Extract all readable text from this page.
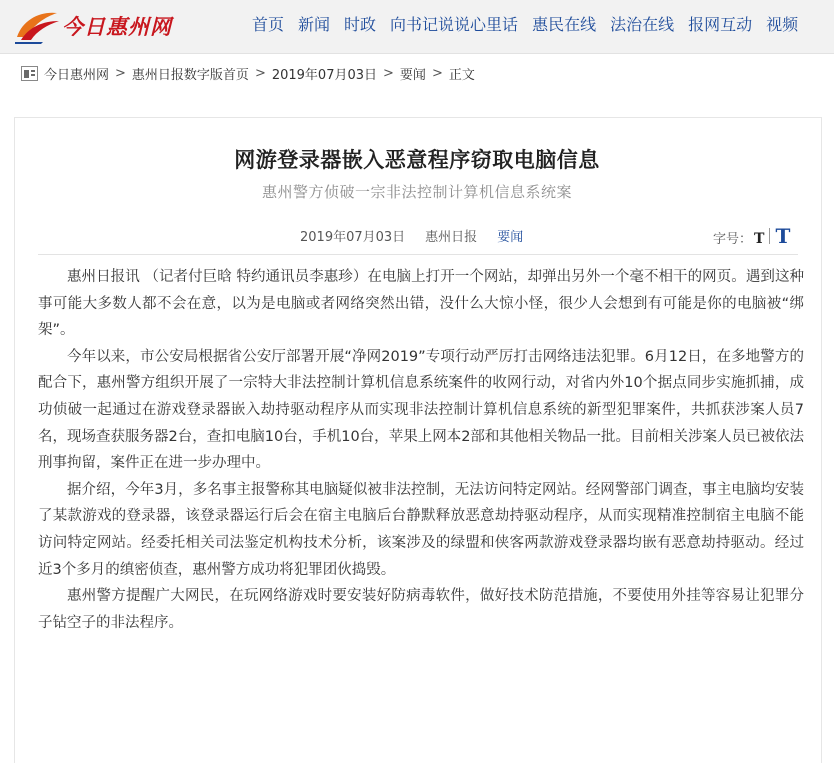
今日惠州网	首页 新闻 时政 向书记说说心里话 惠民在线 法治在线 报网互动 视频
今日惠州网 > 惠州日报数字版首页 > 2019年07月03日 > 要闻 > 正文
网游登录器嵌入恶意程序窃取电脑信息
惠州警方侦破一宗非法控制计算机信息系统案
2019年07月03日 惠州日报 要闻	字号： T T

惠州日报讯 （记者付巨晗 特约通讯员李惠珍）在电脑上打开一个网站，却弹出另外一个毫不相干的网页。遇到这种事可能大多数人都不会在意，以为是电脑或者网络突然出错，没什么大惊小怪，很少人会想到有可能是你的电脑被“绑架”。

今年以来，市公安局根据省公安厅部署开展“净网2019”专项行动严厉打击网络违法犯罪。6月12日，在多地警方的配合下，惠州警方组织开展了一宗特大非法控制计算机信息系统案件的收网行动，对省内外10个据点同步实施抓捕，成功侦破一起通过在游戏登录器嵌入劫持驱动程序从而实现非法控制计算机信息系统的新型犯罪案件，共抓获涉案人员7名，现场查获服务器2台，查扣电脑10台，手机10台，苹果上网本2部和其他相关物品一批。目前相关涉案人员已被依法刑事拘留，案件正在进一步办理中。

据介绍，今年3月，多名事主报警称其电脑疑似被非法控制，无法访问特定网站。经网警部门调查，事主电脑均安装了某款游戏的登录器，该登录器运行后会在宿主电脑后台静默释放恶意劫持驱动程序，从而实现精准控制宿主电脑不能访问特定网站。经委托相关司法鉴定机构技术分析，该案涉及的绿盟和侠客两款游戏登录器均嵌有恶意劫持驱动。经过近3个多月的缜密侦查，惠州警方成功将犯罪团伙捣毁。

惠州警方提醒广大网民，在玩网络游戏时要安装好防病毒软件，做好技术防范措施，不要使用外挂等容易让犯罪分子钻空子的非法程序。
